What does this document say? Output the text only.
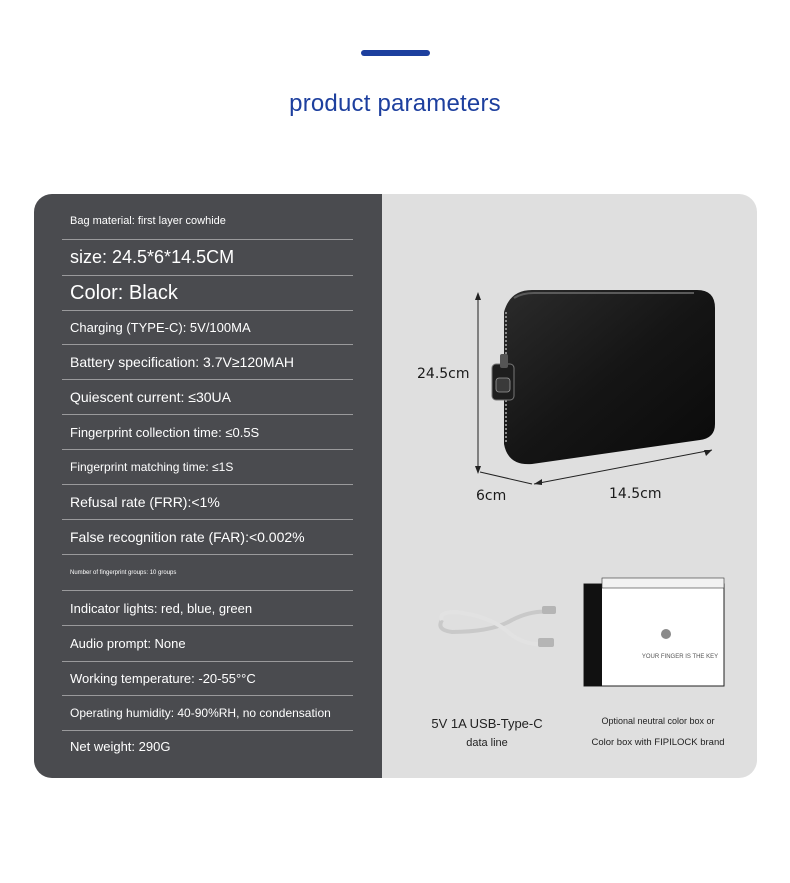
product parameters
Bag material: first layer cowhide
size: 24.5*6*14.5CM
Color: Black
Charging (TYPE-C): 5V/100MA
Battery specification: 3.7V≥120MAH
Quiescent current: ≤30UA
Fingerprint collection time: ≤0.5S
Fingerprint matching time: ≤1S
Refusal rate (FRR):<1%
False recognition rate (FAR):<0.002%
Number of fingerprint groups: 10 groups
Indicator lights: red, blue, green
Audio prompt: None
Working temperature: -20-55°°C
Operating humidity: 40-90%RH, no condensation
Net weight: 290G
24.5cm
6cm	14.5cm
YOUR FINGER IS THE KEY
5V 1A USB-Type-C
data line
Optional neutral color box or
Color box with FIPILOCK brand
